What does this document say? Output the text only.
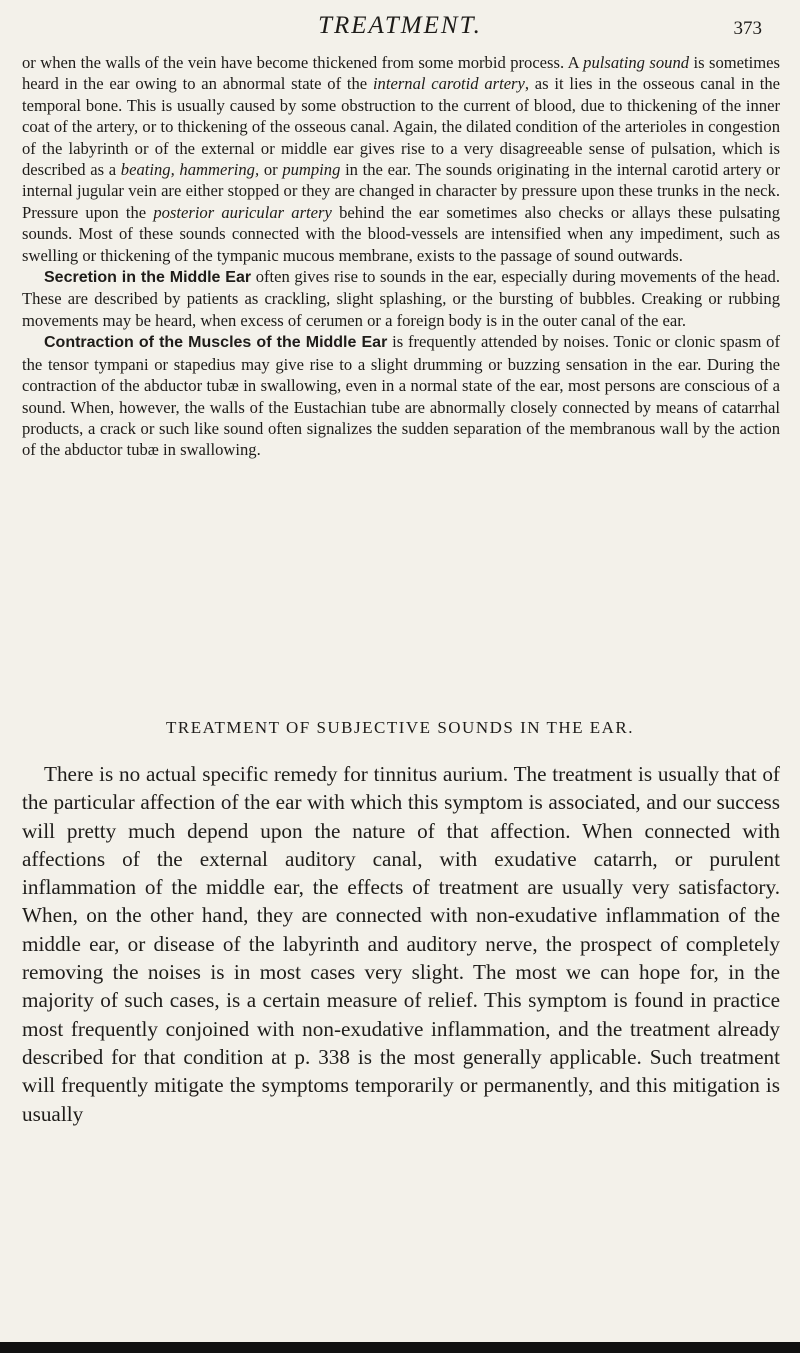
TREATMENT.	373

or when the walls of the vein have become thickened from some morbid process. A pulsating sound is sometimes heard in the ear owing to an abnormal state of the internal carotid artery, as it lies in the osseous canal in the temporal bone. This is usually caused by some obstruction to the current of blood, due to thickening of the inner coat of the artery, or to thickening of the osseous canal. Again, the dilated condition of the arterioles in congestion of the labyrinth or of the external or middle ear gives rise to a very disagreeable sense of pulsation, which is described as a beating, hammering, or pumping in the ear. The sounds originating in the internal carotid artery or internal jugular vein are either stopped or they are changed in character by pressure upon these trunks in the neck. Pressure upon the posterior auricular artery behind the ear sometimes also checks or allays these pulsating sounds. Most of these sounds connected with the blood-vessels are intensified when any impediment, such as swelling or thickening of the tympanic mucous membrane, exists to the passage of sound outwards.

Secretion in the Middle Ear often gives rise to sounds in the ear, especially during movements of the head. These are described by patients as crackling, slight splashing, or the bursting of bubbles. Creaking or rubbing movements may be heard, when excess of cerumen or a foreign body is in the outer canal of the ear.

Contraction of the Muscles of the Middle Ear is frequently attended by noises. Tonic or clonic spasm of the tensor tympani or stapedius may give rise to a slight drumming or buzzing sensation in the ear. During the contraction of the abductor tubæ in swallowing, even in a normal state of the ear, most persons are conscious of a sound. When, however, the walls of the Eustachian tube are abnormally closely connected by means of catarrhal products, a crack or such like sound often signalizes the sudden separation of the membranous wall by the action of the abductor tubæ in swallowing.

TREATMENT OF SUBJECTIVE SOUNDS IN THE EAR.

There is no actual specific remedy for tinnitus aurium. The treatment is usually that of the particular affection of the ear with which this symptom is associated, and our success will pretty much depend upon the nature of that affection. When connected with affections of the external auditory canal, with exudative catarrh, or purulent inflammation of the middle ear, the effects of treatment are usually very satisfactory. When, on the other hand, they are connected with non-exudative inflammation of the middle ear, or disease of the labyrinth and auditory nerve, the prospect of completely removing the noises is in most cases very slight. The most we can hope for, in the majority of such cases, is a certain measure of relief. This symptom is found in practice most frequently conjoined with non-exudative inflammation, and the treatment already described for that condition at p. 338 is the most generally applicable. Such treatment will frequently mitigate the symptoms temporarily or permanently, and this mitigation is usually
